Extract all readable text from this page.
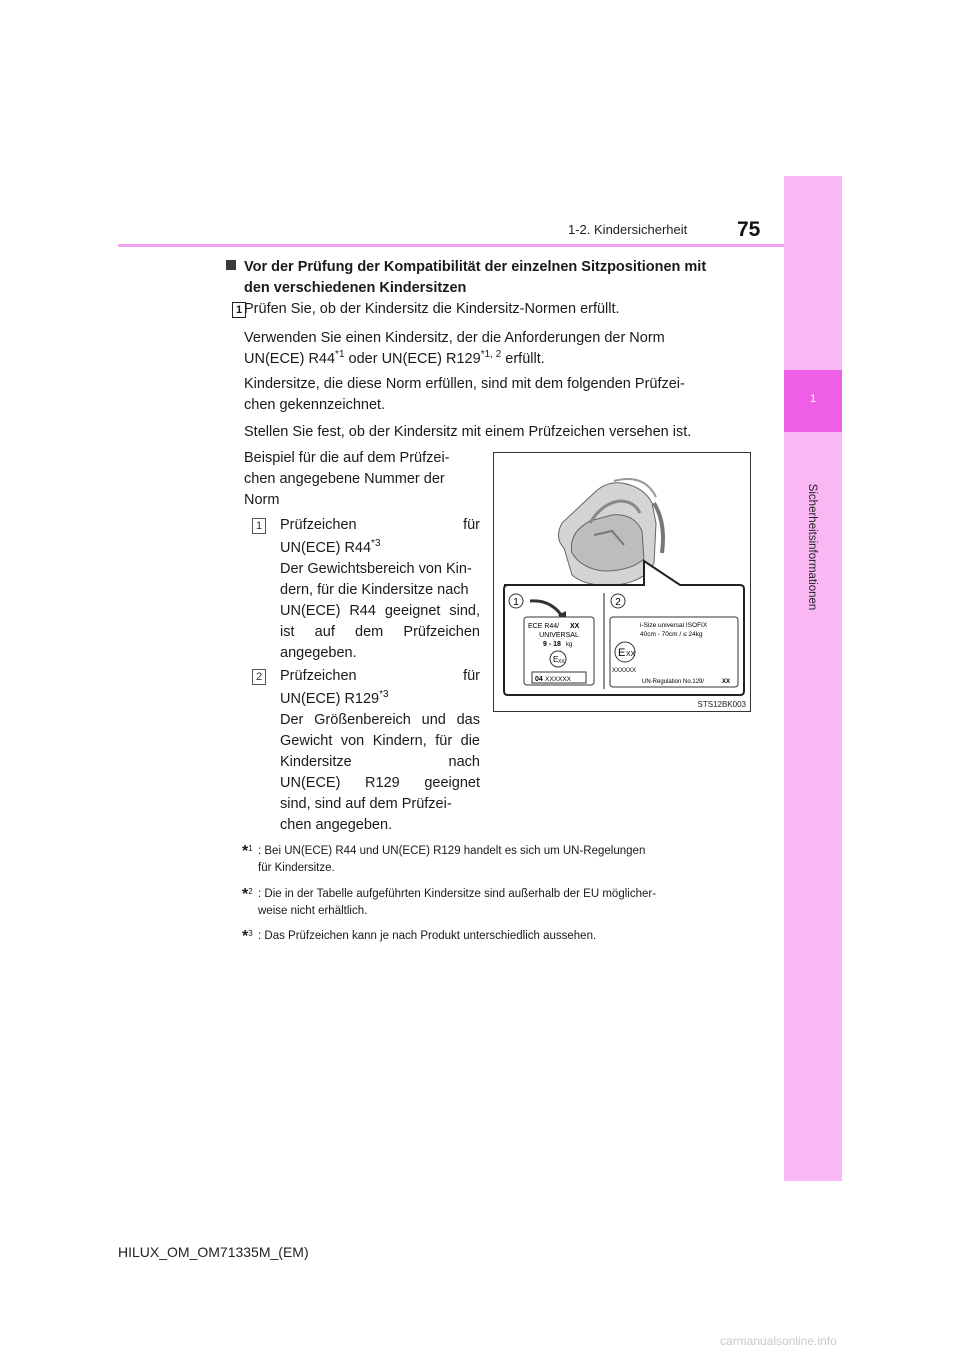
1
Sicherheitsinformationen
1-2. Kindersicherheit 75
Vor der Prüfung der Kompatibilität der einzelnen Sitzpositionen mit
den verschiedenen Kindersitzen
1 Prüfen Sie, ob der Kindersitz die Kindersitz-Normen erfüllt.
Verwenden Sie einen Kindersitz, der die Anforderungen der Norm
UN(ECE) R44$^{*1}$ oder UN(ECE) R129$^{*1, 2}$ erfüllt.
Kindersitze, die diese Norm erfüllen, sind mit dem folgenden Prüfzei-
chen gekennzeichnet.
Stellen Sie fest, ob der Kindersitz mit einem Prüfzeichen versehen ist.
Beispiel für die auf dem Prüfzei-
chen angegebene Nummer der
Norm
1 Prüfzeichen für
UN(ECE) R44$^{*3}$
Der Gewichtsbereich von Kin-
dern, für die Kindersitze nach
UN(ECE) R44 geeignet sind,
ist auf dem Prüfzeichen
angegeben.
2 Prüfzeichen für
UN(ECE) R129$^{*3}$
Der Größenbereich und das
Gewicht von Kindern, für die
Kindersitze nach
UN(ECE) R129 geeignet
sind, sind auf dem Prüfzei-
chen angegeben.
1	2
ECE R44/ XX
UNIVERSAL
9 - 18 kg
E XX
04 XXXXXX
i-Size universal ISOFIX
40cm - 70cm / ≤ 24kg
E XX
XXXXXX
UN-Regulation No.129/	XX
STS12BK003
*$^1$ : Bei UN(ECE) R44 und UN(ECE) R129 handelt es sich um UN-Regelungen
für Kindersitze.
*$^2$ : Die in der Tabelle aufgeführten Kindersitze sind außerhalb der EU möglicher-
weise nicht erhältlich.
*$^3$ : Das Prüfzeichen kann je nach Produkt unterschiedlich aussehen.
HILUX_OM_OM71335M_(EM)
carmanualsonline.info
